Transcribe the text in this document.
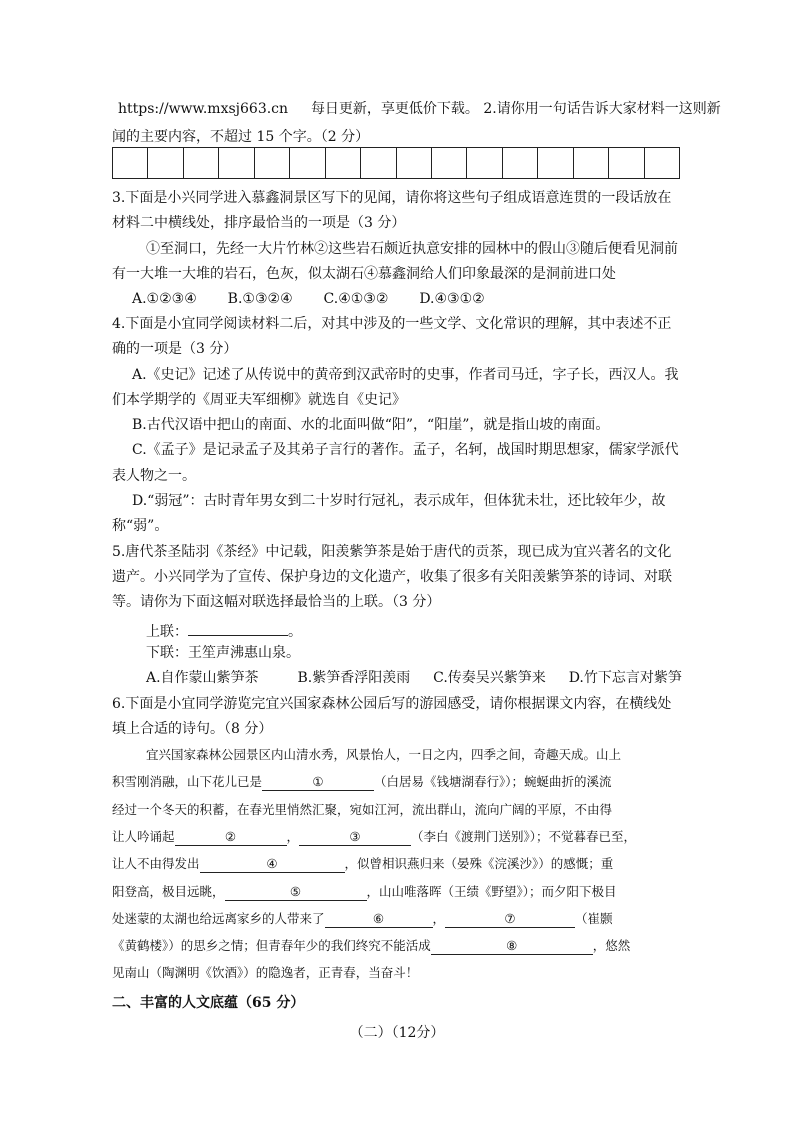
https://www.mxsj663.cn 每日更新，享更低价下载。 2.请你用一句话告诉大家材料一这则新
闻的主要内容，不超过 15 个字。（2 分）
3.下面是小兴同学进入慕鑫洞景区写下的见闻，请你将这些句子组成语意连贯的一段话放在
材料二中横线处，排序最恰当的一项是（3 分）
①至洞口，先经一大片竹林②这些岩石颇近执意安排的园林中的假山③随后便看见洞前
有一大堆一大堆的岩石，色灰，似太湖石④慕鑫洞给人们印象最深的是洞前进口处
A.①②③④ B.①③②④ C.④①③② D.④③①②
4.下面是小宜同学阅读材料二后，对其中涉及的一些文学、文化常识的理解，其中表述不正
确的一项是（3 分）
A.《史记》记述了从传说中的黄帝到汉武帝时的史事，作者司马迁，字子长，西汉人。我
们本学期学的《周亚夫军细柳》就选自《史记》
B.古代汉语中把山的南面、水的北面叫做“阳”，“阳崖”，就是指山坡的南面。
C.《孟子》是记录孟子及其弟子言行的著作。孟子，名轲，战国时期思想家，儒家学派代
表人物之一。
D.“弱冠”：古时青年男女到二十岁时行冠礼，表示成年，但体犹未壮，还比较年少，故
称“弱”。
5.唐代茶圣陆羽《茶经》中记载，阳羡紫笋茶是始于唐代的贡茶，现已成为宜兴著名的文化
遗产。小兴同学为了宣传、保护身边的文化遗产，收集了很多有关阳羡紫笋茶的诗词、对联
等。请你为下面这幅对联选择最恰当的上联。（3 分）
上联：	。
下联：王笙声沸惠山泉。
A.自作蒙山紫笋茶	B.紫笋香浮阳羡雨 C.传奏吴兴紫笋来 D.竹下忘言对紫笋
6.下面是小宜同学游览完宜兴国家森林公园后写的游园感受，请你根据课文内容，在横线处
填上合适的诗句。（8 分）
宜兴国家森林公园景区内山清水秀，风景怡人，一日之内，四季之间，奇趣天成。山上
积雪刚消融，山下花儿已是	①	（白居易《钱塘湖春行》）；蜿蜒曲折的溪流
经过一个冬天的积蓄，在春光里悄然汇聚，宛如江河，流出群山，流向广阔的平原，不由得
让人吟诵起	②	，	③	（李白《渡荆门送别》）；不觉暮春已至，
让人不由得发出	④	，似曾相识燕归来（晏殊《浣溪沙》）的感慨；重
阳登高，极目远眺，	⑤	，山山唯落晖（王绩《野望》）；而夕阳下极目
处迷蒙的太湖也给远离家乡的人带来了	⑥	，	⑦	（崔颢
《黄鹤楼》）的思乡之情；但青春年少的我们终究不能活成	⑧	，悠然
见南山（陶渊明《饮酒》）的隐逸者，正青春，当奋斗！
二、丰富的人文底蕴（65 分）
（二）（12分）
